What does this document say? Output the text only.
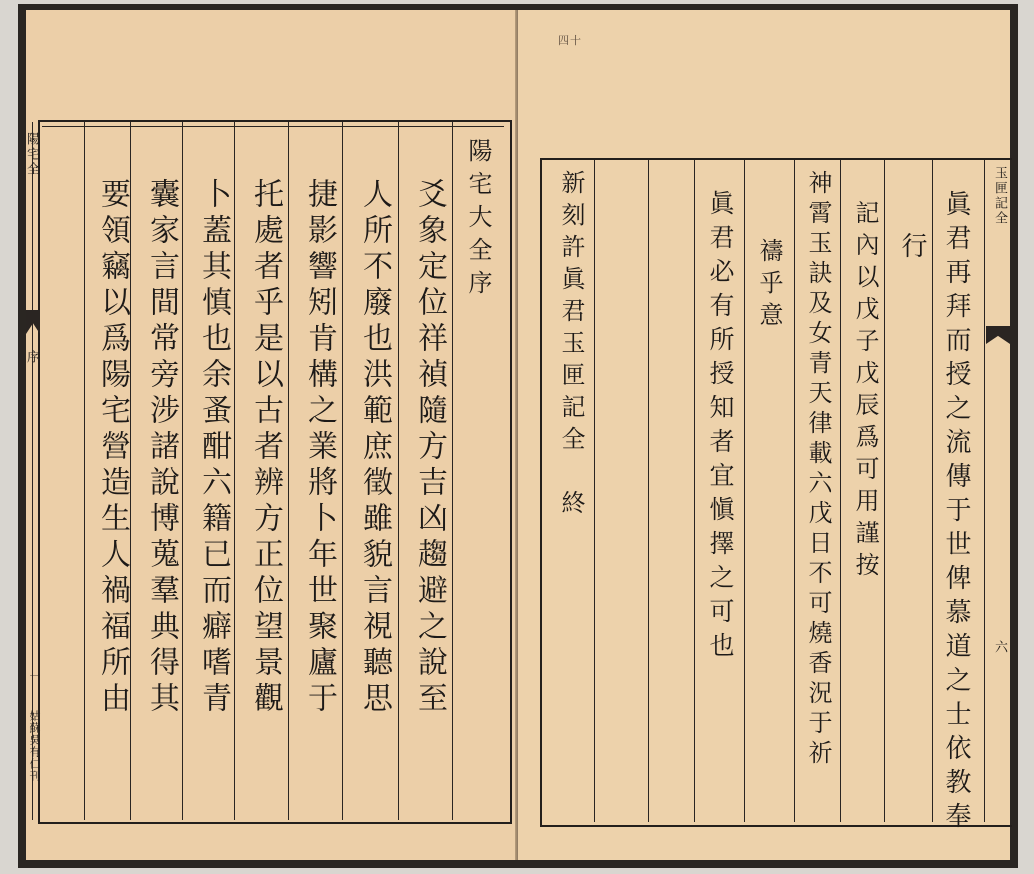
陽宅全
序
一
姑蘇吳有仁刊
陽宅大全序
爻象定位祥禎隨方吉凶趨避之說至
人所不廢也洪範庶徵雖貌言視聽思
捷影響矧肯構之業將卜年世聚廬于
托處者乎是以古者辨方正位望景觀
卜蓋其慎也余蚤酣六籍已而癖嗜青
囊家言間常旁涉諸說博蒐羣典得其
要領竊以爲陽宅營造生人禍福所由
四十
玉匣記全
六
眞君再拜而授之流傳于世俾慕道之士依教奉
行
記內以戊子戊辰爲可用謹按
神霄玉訣及女青天律載六戊日不可燒香況于祈
禱乎意
眞君必有所授知者宜愼擇之可也
新刻許眞君玉匣記全　終
